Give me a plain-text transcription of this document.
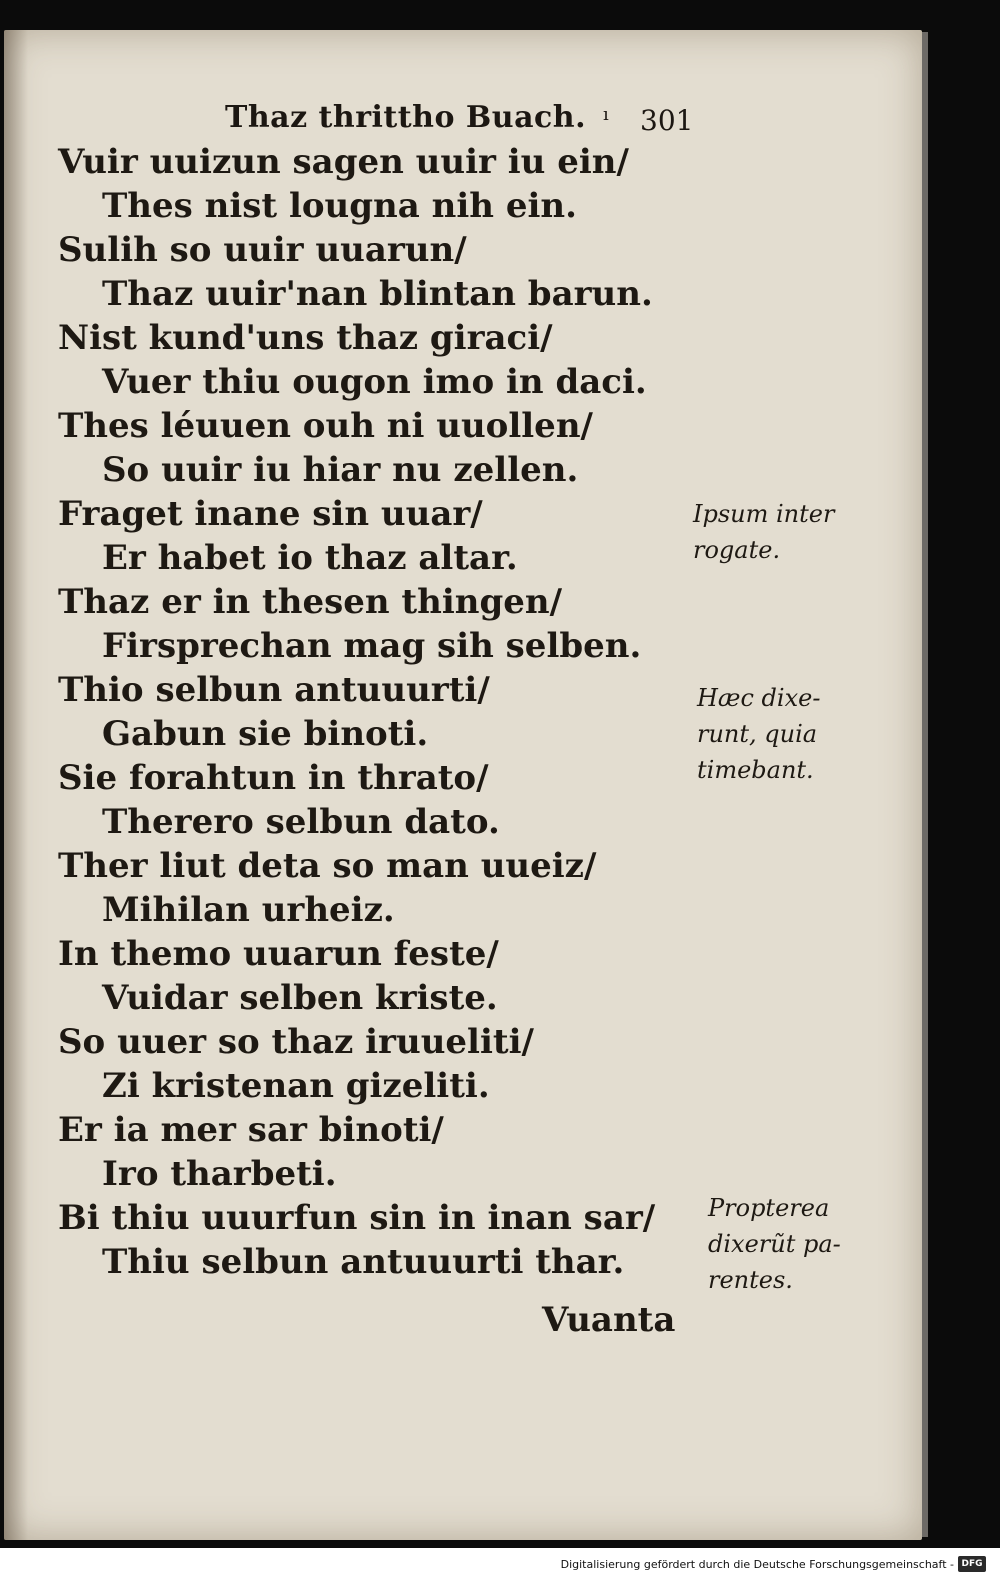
Thaz thrittho Buach. ı 301
Vuir uuizun sagen uuir iu ein/
Thes nist lougna nih ein.
Sulih so uuir uuarun/
Thaz uuir'nan blintan barun.
Nist kund'uns thaz giraci/
Vuer thiu ougon imo in daci.
Thes léuuen ouh ni uuollen/
So uuir iu hiar nu zellen.
Fraget inane sin uuar/
Er habet io thaz altar.
Thaz er in thesen thingen/
Firsprechan mag sih selben.
Thio selbun antuuurti/
Gabun sie binoti.
Sie forahtun in thrato/
Therero selbun dato.
Ther liut deta so man uueiz/
Mihilan urheiz.
In themo uuarun feste/
Vuidar selben kriste.
So uuer so thaz iruueliti/
Zi kristenan gizeliti.
Er ia mer sar binoti/
Iro tharbeti.
Bi thiu uuurfun sin in inan sar/
Thiu selbun antuuurti thar.
Vuanta
Ipsum inter
rogate.
Hæc dixe-
runt, quia
timebant.
Propterea
dixerũt pa-
rentes.
Digitalisierung gefördert durch die Deutsche Forschungsgemeinschaft - DFG
